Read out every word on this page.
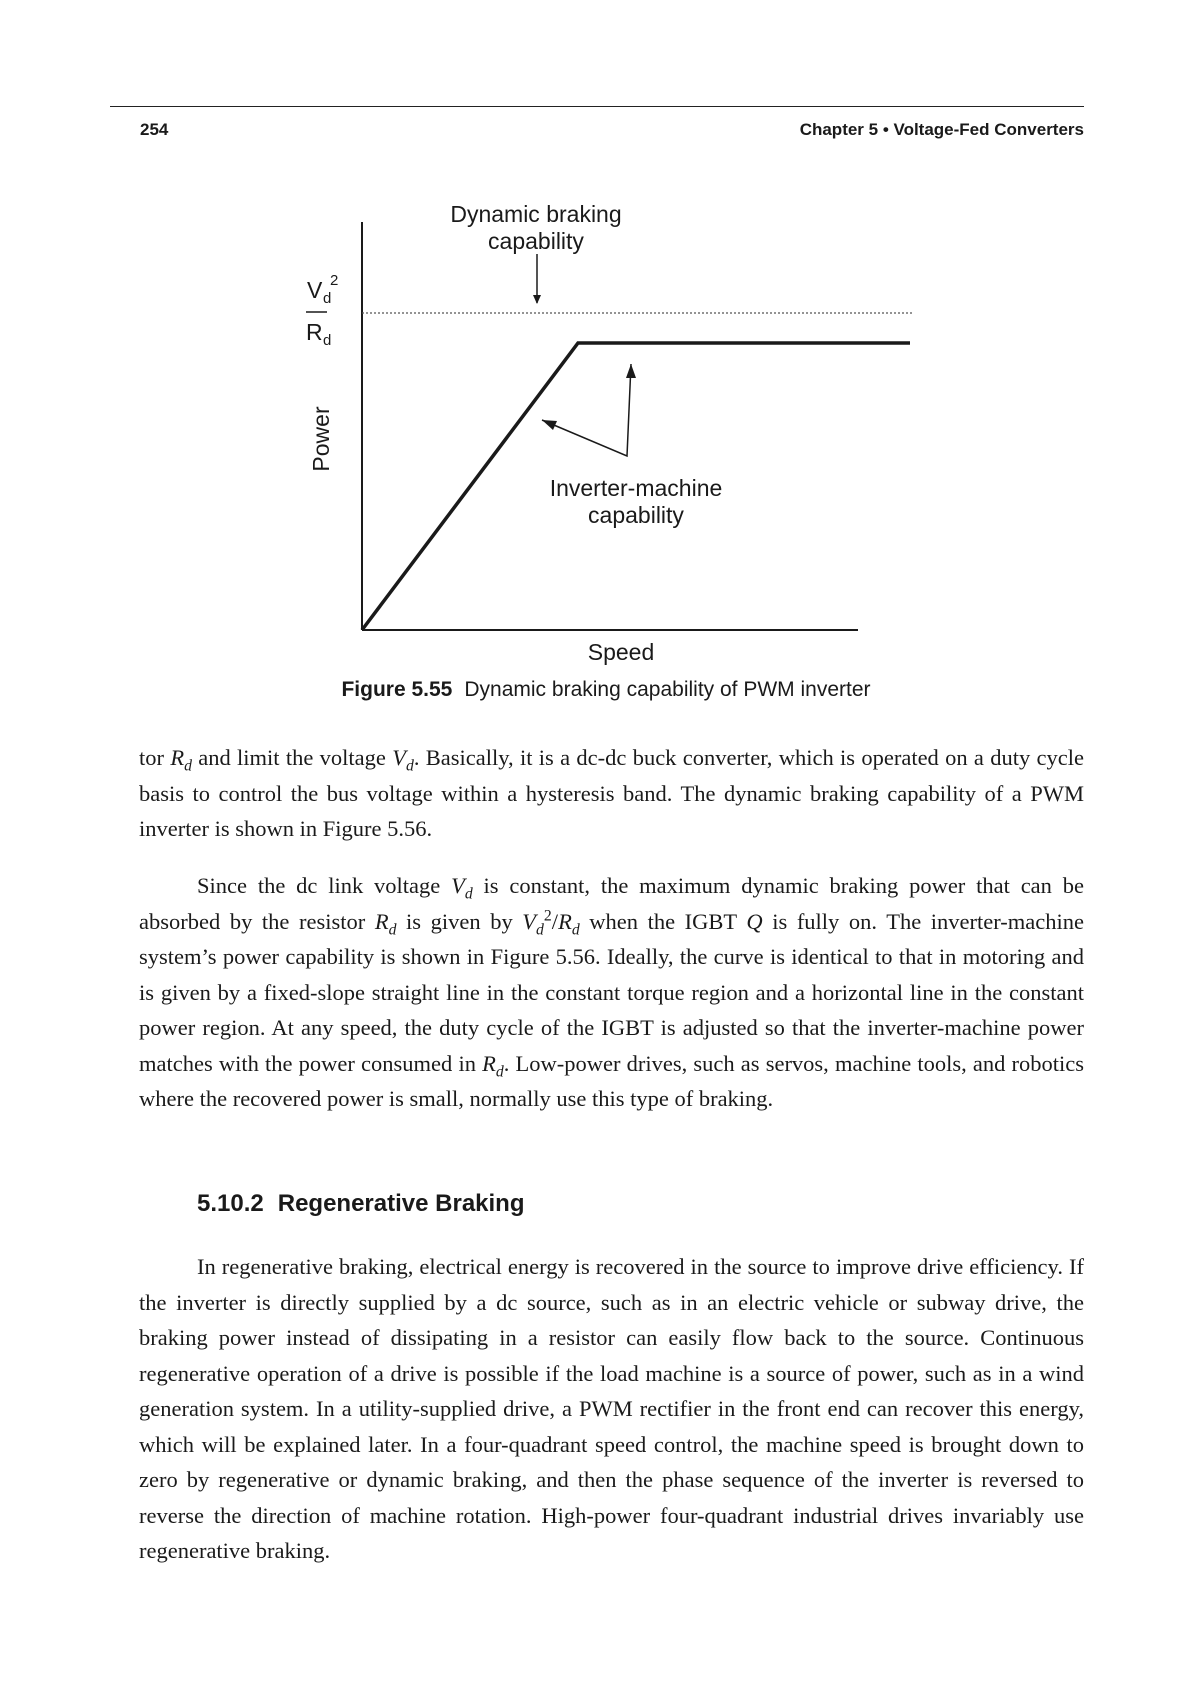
254	Chapter 5 • Voltage-Fed Converters
Dynamic braking
capability
Inverter-machine
capability
Speed
Power
V d
2
R d
Figure 5.55 Dynamic braking capability of PWM inverter

tor $R_d$ and limit the voltage $V_d$. Basically, it is a dc-dc buck converter, which is operated on a duty cycle basis to control the bus voltage within a hysteresis band. The dynamic braking capability of a PWM inverter is shown in Figure 5.56.

Since the dc link voltage $V_d$ is constant, the maximum dynamic braking power that can be absorbed by the resistor $R_d$ is given by $V_d^2/R_d$ when the IGBT Q is fully on. The inverter-machine system’s power capability is shown in Figure 5.56. Ideally, the curve is identical to that in motoring and is given by a fixed-slope straight line in the constant torque region and a horizontal line in the constant power region. At any speed, the duty cycle of the IGBT is adjusted so that the inverter-machine power matches with the power consumed in $R_d$. Low-power drives, such as servos, machine tools, and robotics where the recovered power is small, normally use this type of braking.

5.10.2 Regenerative Braking

In regenerative braking, electrical energy is recovered in the source to improve drive efficiency. If the inverter is directly supplied by a dc source, such as in an electric vehicle or subway drive, the braking power instead of dissipating in a resistor can easily flow back to the source. Continuous regenerative operation of a drive is possible if the load machine is a source of power, such as in a wind generation system. In a utility-supplied drive, a PWM rectifier in the front end can recover this energy, which will be explained later. In a four-quadrant speed control, the machine speed is brought down to zero by regenerative or dynamic braking, and then the phase sequence of the inverter is reversed to reverse the direction of machine rotation. High-power four-quadrant industrial drives invariably use regenerative braking.
